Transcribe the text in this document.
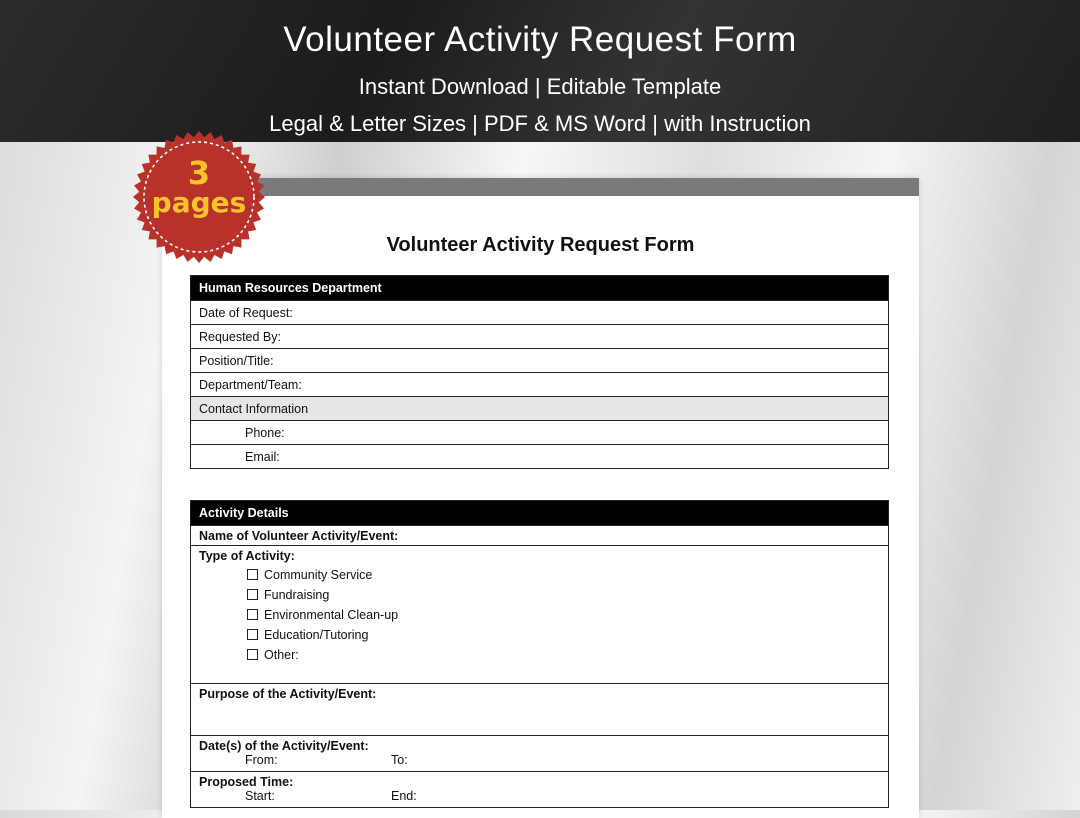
Volunteer Activity Request Form
Instant Download | Editable Template
Legal & Letter Sizes | PDF & MS Word | with Instruction
Volunteer Activity Request Form
Human Resources Department
Date of Request:
Requested By:
Position/Title:
Department/Team:
Contact Information
Phone:
Email:
Activity Details
Name of Volunteer Activity/Event:

Type of Activity:
Community Service
Fundraising
Environmental Clean-up
Education/Tutoring
Other:

Purpose of the Activity/Event:

Date(s) of the Activity/Event:
From:	To:

Proposed Time:
Start:	End:
3
pages
